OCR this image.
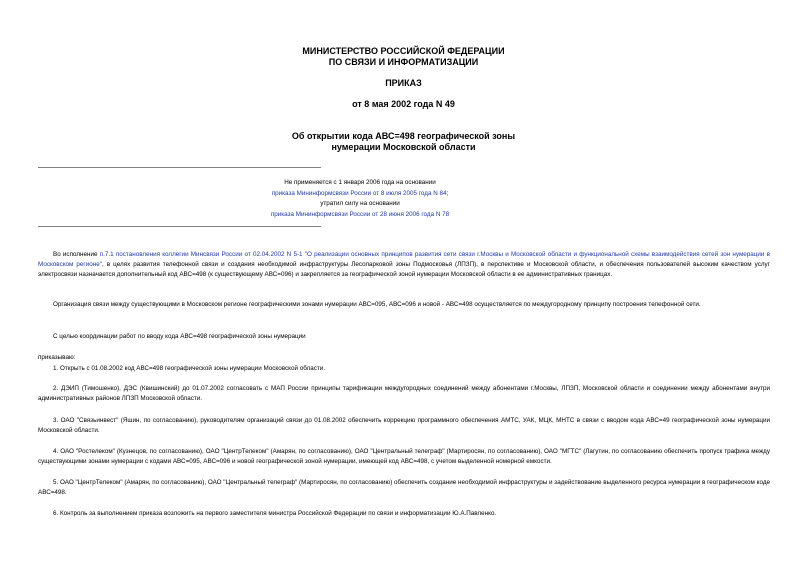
МИНИСТЕРСТВО РОССИЙСКОЙ ФЕДЕРАЦИИ
ПО СВЯЗИ И ИНФОРМАТИЗАЦИИ
ПРИКАЗ
от 8 мая 2002 года N 49
Об открытии кода АВС=498 географической зоны
нумерации Московской области
Не применяется с 1 января 2006 года на основании
приказа Мининформсвязи России от 8 июля 2005 года N 84;
утратил силу на основании
приказа Мининформсвязи России от 28 июня 2006 года N 78
Во исполнение п.7.1 постановления коллегии Минсвязи России от 02.04.2002 N 5-1 "О реализации основных принципов развития сети связи г.Москвы и Московской области и функциональной схемы взаимодействия сетей зон нумерации в Московском регионе", в целях развития телефонной связи и создания необходимой инфраструктуры Лесопарковой зоны Подмосковья (ЛПЗП), в перспективе и Московской области, и обеспечения пользователей высоким качеством услуг электросвязи назначается дополнительный код АВС=498 (к существующему АВС=096) и закрепляется за географической зоной нумерации Московской области в ее административных границах.
Организация связи между существующими в Московском регионе географическими зонами нумерации АВС=095, АВС=096 и новой - АВС=498 осуществляется по междугородному принципу построения телефонной сети.
С целью координации работ по вводу кода АВС=498 географической зоны нумерации
приказываю:
1. Открыть с 01.08.2002 код АВС=498 географической зоны нумерации Московской области.
2. ДЭИП (Тимошенко), ДЭС (Квишинский) до 01.07.2002 согласовать с МАП России принципы тарификации междугородных соединений между абонентами г.Москвы, ЛПЗП, Московской области и соединении между абонентами внутри административных районов ЛПЗП Московской области.
3. ОАО "Связьинвест" (Яшин, по согласованию), руководителям организаций связи до 01.08.2002 обеспечить коррекцию программного обеспечения АМТС, УАК, МЦК, МНТС в связи с вводом кода АВС=49 географической зоны нумерации Московской области.
4. ОАО "Ростелеком" (Кузнецов, по согласованию), ОАО "ЦентрТелеком" (Амарян, по согласованию), ОАО "Центральный телеграф" (Мартиросян, по согласованию), ОАО "МГТС" (Лагутин, по согласованию обеспечить пропуск трафика между существующими зонами нумерации с кодами АВС=095, АВС=096 и новой географической зоной нумерации, имеющей код АВС=498, с учетом выделенной номерной емкости.
5. ОАО "ЦентрТелеком" (Амарян, по согласованию), ОАО "Центральный телеграф" (Мартиросян, по согласованию) обеспечить создание необходимой инфраструктуры и задействование выделенного ресурса нумерации в географическом коде АВС=498.
6. Контроль за выполнением приказа возложить на первого заместителя министра Российской Федерации по связи и информатизации Ю.А.Павленко.
